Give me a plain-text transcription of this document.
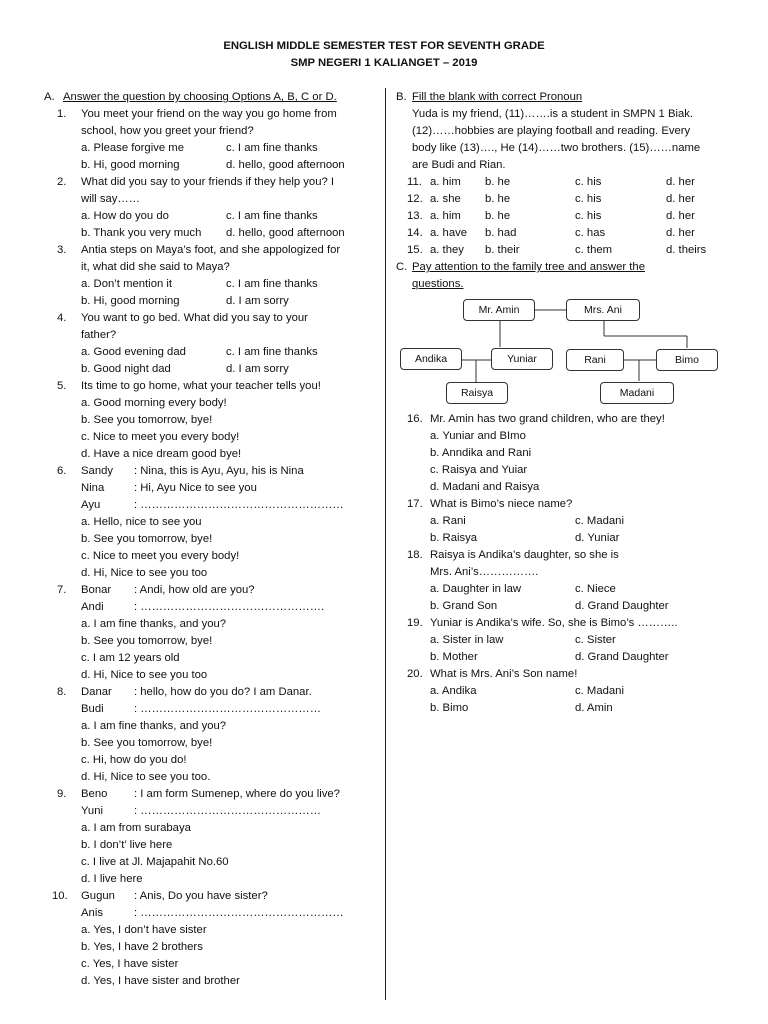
ENGLISH MIDDLE SEMESTER TEST FOR SEVENTH GRADE
SMP NEGERI 1 KALIANGET – 2019
A. Answer the question by choosing Options A, B, C or D.
1. You meet your friend on the way you go home from
school, how you greet your friend?
a. Please forgive me	c. I am fine thanks
b. Hi, good morning	d. hello, good afternoon
2. What did you say to your friends if they help you? I
will say……
a. How do you do	c. I am fine thanks
b. Thank you very much d. hello, good afternoon
3. Antia steps on Maya’s foot, and she appologized for
it, what did she said to Maya?
a. Don’t mention it	c. I am fine thanks
b. Hi, good morning	d. I am sorry
4. You want to go bed. What did you say to your
father?
a. Good evening dad	c. I am fine thanks
b. Good night dad	d. I am sorry
5. Its time to go home, what your teacher tells you!
a. Good morning every body!
b. See you tomorrow, bye!
c. Nice to meet you every body!
d. Have a nice dream good bye!
6. Sandy : Nina, this is Ayu, Ayu, his is Nina
Nina	: Hi, Ayu Nice to see you
Ayu	: ………………………………………………
a. Hello, nice to see you
b. See you tomorrow, bye!
c. Nice to meet you every body!
d. Hi, Nice to see you too
7. Bonar : Andi, how old are you?
Andi	: ………………………………………….
a. I am fine thanks, and you?
b. See you tomorrow, bye!
c. I am 12 years old
d. Hi, Nice to see you too
8. Danar : hello, how do you do? I am Danar.
Budi	: …………………………………………
a. I am fine thanks, and you?
b. See you tomorrow, bye!
c. Hi, how do you do!
d. Hi, Nice to see you too.
9. Beno : I am form Sumenep, where do you live?
Yuni	: …………………………………………
a. I am from surabaya
b. I don’t’ live here
c. I live at Jl. Majapahit No.60
d. I live here
10. Gugun : Anis, Do you have sister?
Anis	: ………………………………………………
a. Yes, I don’t have sister
b. Yes, I have 2 brothers
c. Yes, I have sister
d. Yes, I have sister and brother
B. Fill the blank with correct Pronoun
Yuda is my friend, (11)…….is a student in SMPN 1 Biak.
(12)……hobbies are playing football and reading. Every
body like (13)…., He (14)……two brothers. (15)……name
are Budi and Rian.
11. a. him b. he	c. his	d. her
12. a. she b. he	c. his	d. her
13. a. him b. he	c. his	d. her
14. a. have b. had	c. has	d. her
15. a. they b. their	c. them	d. theirs
C. Pay attention to the family tree and answer the
questions.
Mr. Amin	Mrs. Ani
Andika	Yuniar	Rani	Bimo
Raisya	Madani
16. Mr. Amin has two grand children, who are they!
a. Yuniar and BImo
b. Anndika and Rani
c. Raisya and Yuiar
d. Madani and Raisya
17. What is Bimo’s niece name?
a. Rani	c. Madani
b. Raisya	d. Yuniar
18. Raisya is Andika’s daughter, so she is
Mrs. Ani’s…………….
a. Daughter in law	c. Niece
b. Grand Son	d. Grand Daughter
19. Yuniar is Andika’s wife. So, she is Bimo’s ………..
a. Sister in law	c. Sister
b. Mother	d. Grand Daughter
20. What is Mrs. Ani’s Son name!
a. Andika	c. Madani
b. Bimo	d. Amin
